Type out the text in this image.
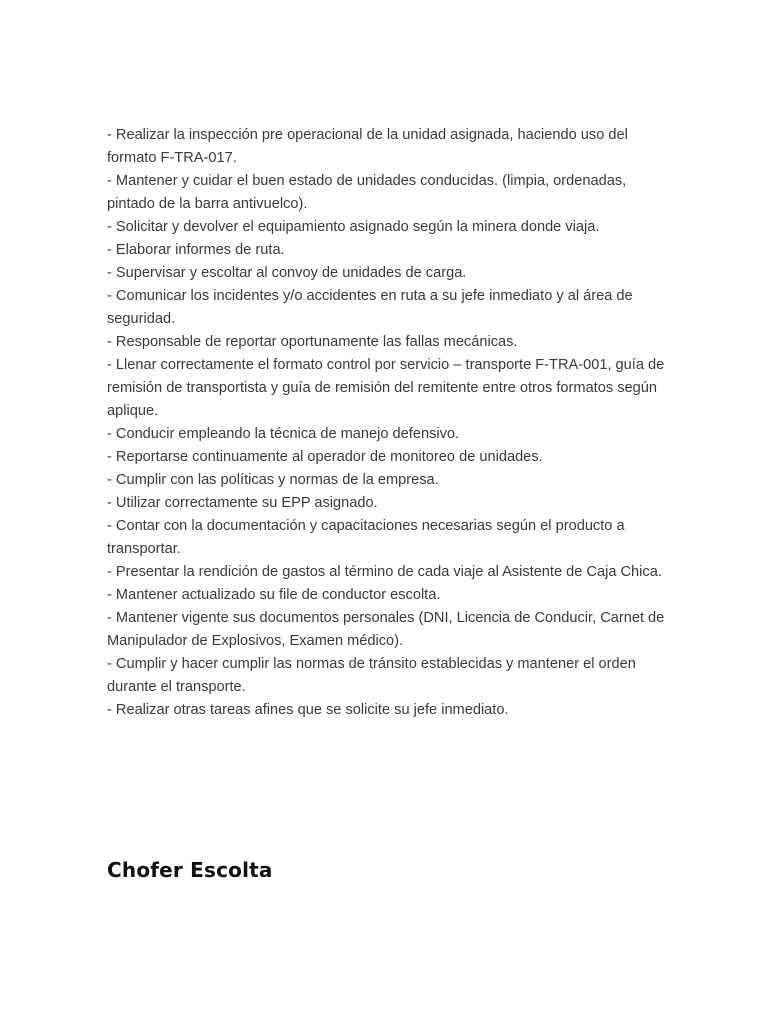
- Realizar la inspección pre operacional de la unidad asignada, haciendo uso del formato F-TRA-017.
- Mantener y cuidar el buen estado de unidades conducidas. (limpia, ordenadas, pintado de la barra antivuelco).
- Solicitar y devolver el equipamiento asignado según la minera donde viaja.
- Elaborar informes de ruta.
- Supervisar y escoltar al convoy de unidades de carga.
- Comunicar los incidentes y/o accidentes en ruta a su jefe inmediato y al área de seguridad.
- Responsable de reportar oportunamente las fallas mecánicas.
- Llenar correctamente el formato control por servicio – transporte F-TRA-001, guía de remisión de transportista y guía de remisión del remitente entre otros formatos según aplique.
- Conducir empleando la técnica de manejo defensivo.
- Reportarse continuamente al operador de monitoreo de unidades.
- Cumplir con las políticas y normas de la empresa.
- Utilizar correctamente su EPP asignado.
- Contar con la documentación y capacitaciones necesarias según el producto a transportar.
- Presentar la rendición de gastos al término de cada viaje al Asistente de Caja Chica.
- Mantener actualizado su file de conductor escolta.
- Mantener vigente sus documentos personales (DNI, Licencia de Conducir, Carnet de Manipulador de Explosivos, Examen médico).
- Cumplir y hacer cumplir las normas de tránsito establecidas y mantener el orden durante el transporte.
- Realizar otras tareas afines que se solicite su jefe inmediato.
Chofer Escolta
